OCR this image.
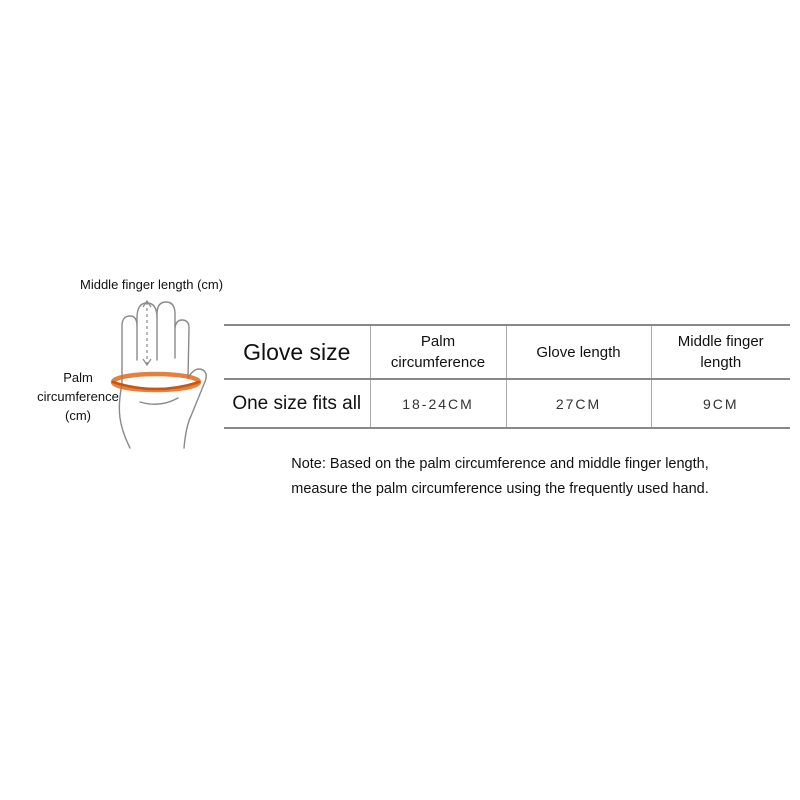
Middle finger length (cm)
Palm circumference (cm)
Glove size	Palm circumference	Glove length	Middle finger length
One size fits all	18-24CM	27CM	9CM
Note: Based on the palm circumference and middle finger length,
measure the palm circumference using the frequently used hand.
